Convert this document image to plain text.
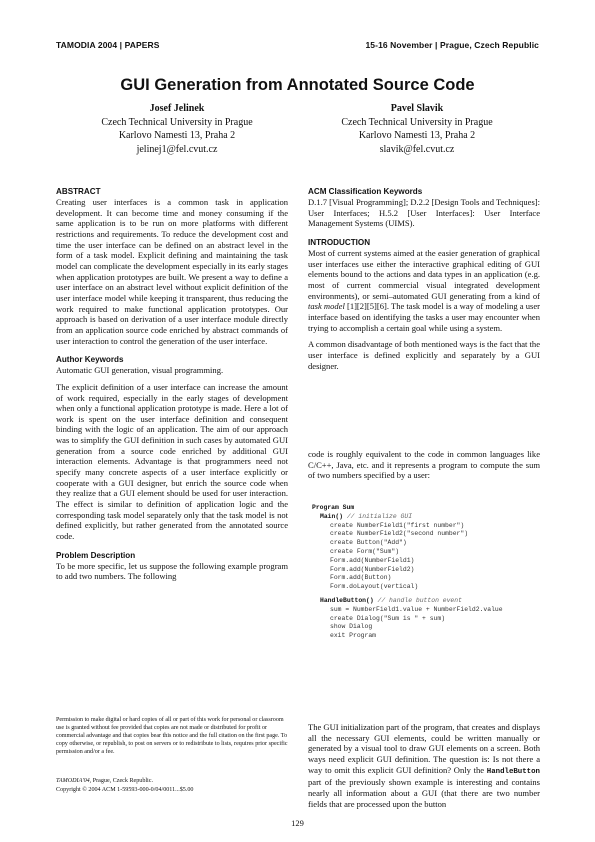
TAMODIA 2004 | PAPERS	15-16 November | Prague, Czech Republic
GUI Generation from Annotated Source Code
Josef Jelinek
Czech Technical University in Prague
Karlovo Namesti 13, Praha 2
jelinej1@fel.cvut.cz
Pavel Slavik
Czech Technical University in Prague
Karlovo Namesti 13, Praha 2
slavik@fel.cvut.cz
ABSTRACT

Creating user interfaces is a common task in application development. It can become time and money consuming if the same application is to be run on more platforms with different restrictions and requirements. To reduce the development cost and time the user interface can be defined on an abstract level in the form of a task model. Explicit defining and maintaining the task model can complicate the development especially in its early stages when application prototypes are built. We present a way to define a user interface on an abstract level without explicit definition of the user interface model while keeping it transparent, thus reducing the work required to make functional application prototypes. Our approach is based on derivation of a user interface module directly from an application source code enriched by abstract commands of user interaction to control the generation of the user interface.

Author Keywords

Automatic GUI generation, visual programming.

The explicit definition of a user interface can increase the amount of work required, especially in the early stages of development when only a functional application prototype is made. Here a lot of work is spent on the user interface definition and consequent binding with the logic of an application. The aim of our approach was to simplify the GUI definition in such cases by automated GUI generation from a source code enriched by additional GUI interaction elements. Advantage is that programmers need not specify many concrete aspects of a user interface explicitly or cooperate with a GUI designer, but enrich the source code when they realize that a GUI element should be used for user interaction. The effect is similar to definition of application logic and the corresponding task model separately only that the task model is not defined explicitly, but rather generated from the annotated source code.

Problem Description

To be more specific, let us suppose the following example program to add two numbers. The following

Permission to make digital or hard copies of all or part of this work for personal or classroom use is granted without fee provided that copies are not made or distributed for profit or commercial advantage and that copies bear this notice and the full citation on the first page. To copy otherwise, or republish, to post on servers or to redistribute to lists, requires prior specific permission and/or a fee.
TAMODIA'04, Prague, Czeck Republic.
Copyright © 2004 ACM 1-59593-000-0/04/0011...$5.00
ACM Classification Keywords

D.1.7 [Visual Programming]; D.2.2 [Design Tools and Techniques]: User Interfaces; H.5.2 [User Interfaces]: User Interface Management Systems (UIMS).

INTRODUCTION

Most of current systems aimed at the easier generation of graphical user interfaces use either the interactive graphical editing of GUI elements bound to the actions and data types in an application (e.g. most of current commercial visual integrated development environments), or semi–automated GUI generating from a kind of task model [1][2][5][6]. The task model is a way of modeling a user interface based on identifying the tasks a user may encounter when trying to accomplish a certain goal while using a system.

A common disadvantage of both mentioned ways is the fact that the user interface is defined explicitly and separately by a GUI designer.

code is roughly equivalent to the code in common languages like C/C++, Java, etc. and it represents a program to compute the sum of two numbers specified by a user:

Program Sum
Main() // initialize GUI
create NumberField1("first number")
create NumberField2("second number")
create Button("Add")
create Form("Sum")
Form.add(NumberField1)
Form.add(NumberField2)
Form.add(Button)
Form.doLayout(vertical)
HandleButton() // handle button event
sum = NumberField1.value + NumberField2.value
create Dialog("Sum is " + sum)
show Dialog
exit Program

The GUI initialization part of the program, that creates and displays all the necessary GUI elements, could be written manually or generated by a visual tool to draw GUI elements on a screen. Both ways need explicit GUI definition. The question is: Is not there a way to omit this explicit GUI definition? Only the HandleButton part of the previously shown example is interesting and contains nearly all information about a GUI (that there are two number fields that are processed upon the button

129
